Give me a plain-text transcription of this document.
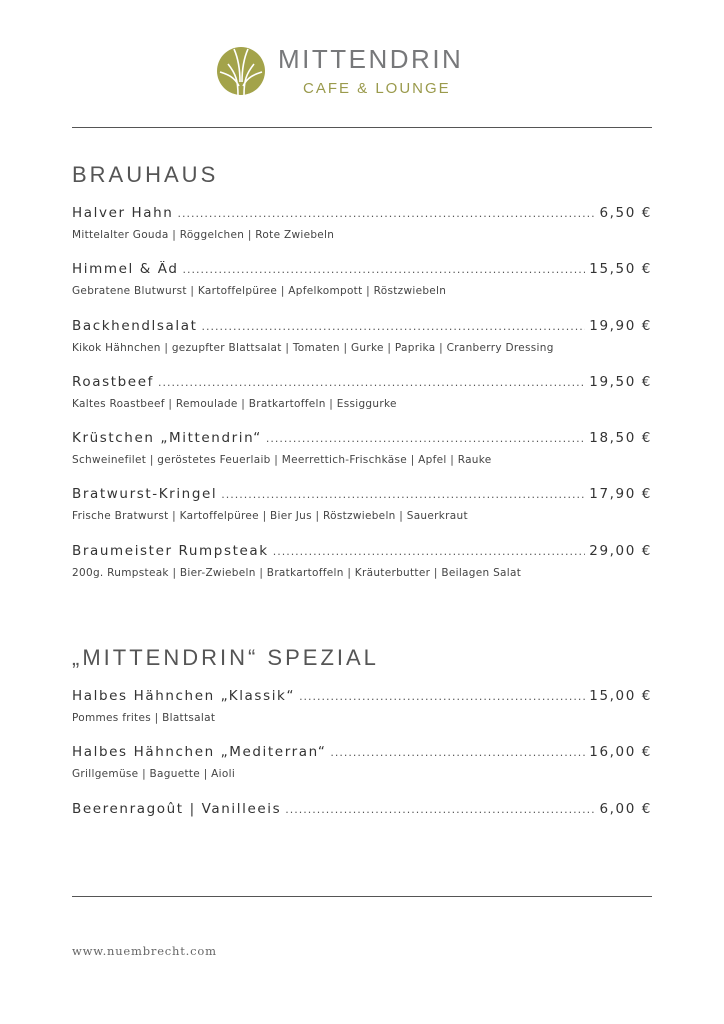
MITTENDRIN
CAFE & LOUNGE
BRAUHAUS
Halver Hahn .....	6,50 €
Mittelalter Gouda | Röggelchen | Rote Zwiebeln
Himmel & Äd .....	15,50 €
Gebratene Blutwurst | Kartoffelpüree | Apfelkompott | Röstzwiebeln
Backhendlsalat .....	19,90 €
Kikok Hähnchen | gezupfter Blattsalat | Tomaten | Gurke | Paprika | Cranberry Dressing
Roastbeef .....	19,50 €
Kaltes Roastbeef | Remoulade | Bratkartoffeln | Essiggurke
Krüstchen „Mittendrin“ .....	18,50 €
Schweinefilet | geröstetes Feuerlaib | Meerrettich-Frischkäse | Apfel | Rauke
Bratwurst-Kringel .....	17,90 €
Frische Bratwurst | Kartoffelpüree | Bier Jus | Röstzwiebeln | Sauerkraut
Braumeister Rumpsteak .....	29,00 €
200g. Rumpsteak | Bier-Zwiebeln | Bratkartoffeln | Kräuterbutter | Beilagen Salat
„MITTENDRIN“ SPEZIAL
Halbes Hähnchen „Klassik“ .....	15,00 €
Pommes frites | Blattsalat
Halbes Hähnchen „Mediterran“ .....	16,00 €
Grillgemüse | Baguette | Aioli
Beerenragoût | Vanilleeis .....	6,00 €
www.nuembrecht.com
